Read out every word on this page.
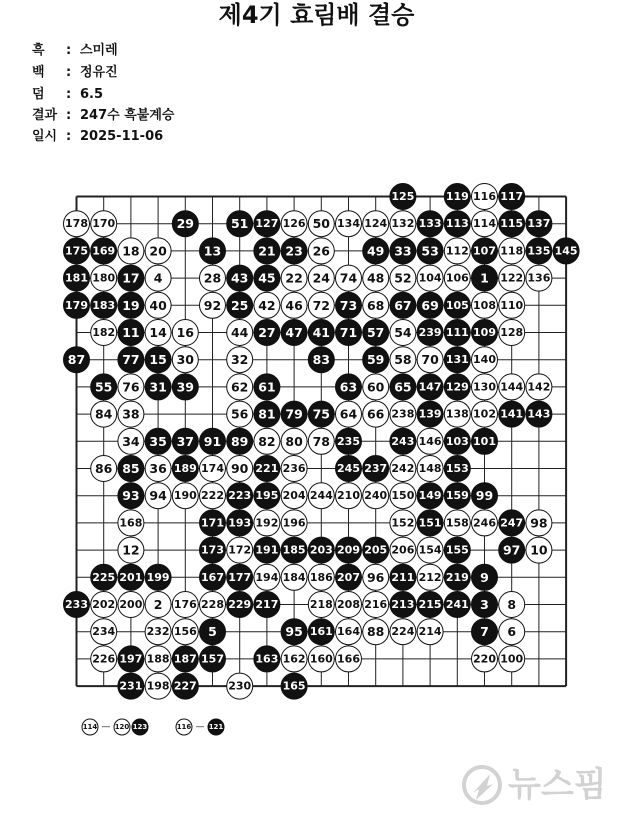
제4기 효림배 결승
흑 : 스미레
백 : 정유진
덤 : 6.5
결과 : 247수 흑불계승
일시 : 2025-11-06
125	119 116 117
178 170	29	51 127 126 50 134 124 132 133 113 114 115 137
175 169 18 20	13	21 23 26	49 33 53 112 107 118 135 145
181 180 17 4	28 43 45 22 24 74 48 52 104 106 1 122 136
179 183 19 40	92 25 42 46 72 73 68 67 69 105 108 110
182 11 14 16	44 27 47 41 71 57 54 239 111 109 128
87	77 15 30	32	83	59 58 70 131 140
55 76 31 39	62 61	63 60 65 147 129 130 144 142
84 38	56 81 79 75 64 66 238 139 138 102 141 143
34 35 37 91 89 82 80 78 235	243 146 103 101
86 85 36 189 174 90 221 236	245 237 242 148 153
93 94 190 222 223 195 204 244 210 240 150 149 159 99
168	171 193 192 196	152 151 158 246 247 98
12	173 172 191 185 203 209 205 206 154 155	97 10
225 201 199	167 177 194 184 186 207 96 211 212 219 9
233 202 200 2 176 228 229 217	218 208 216 213 215 241 3 8
234	232 156 5	95 161 164 88 224 214	7 6
226 197 188 187 157	163 162 160 166	220 100
231 198 227	230	165
114 — 120 123	116 — 121
뉴스핌
